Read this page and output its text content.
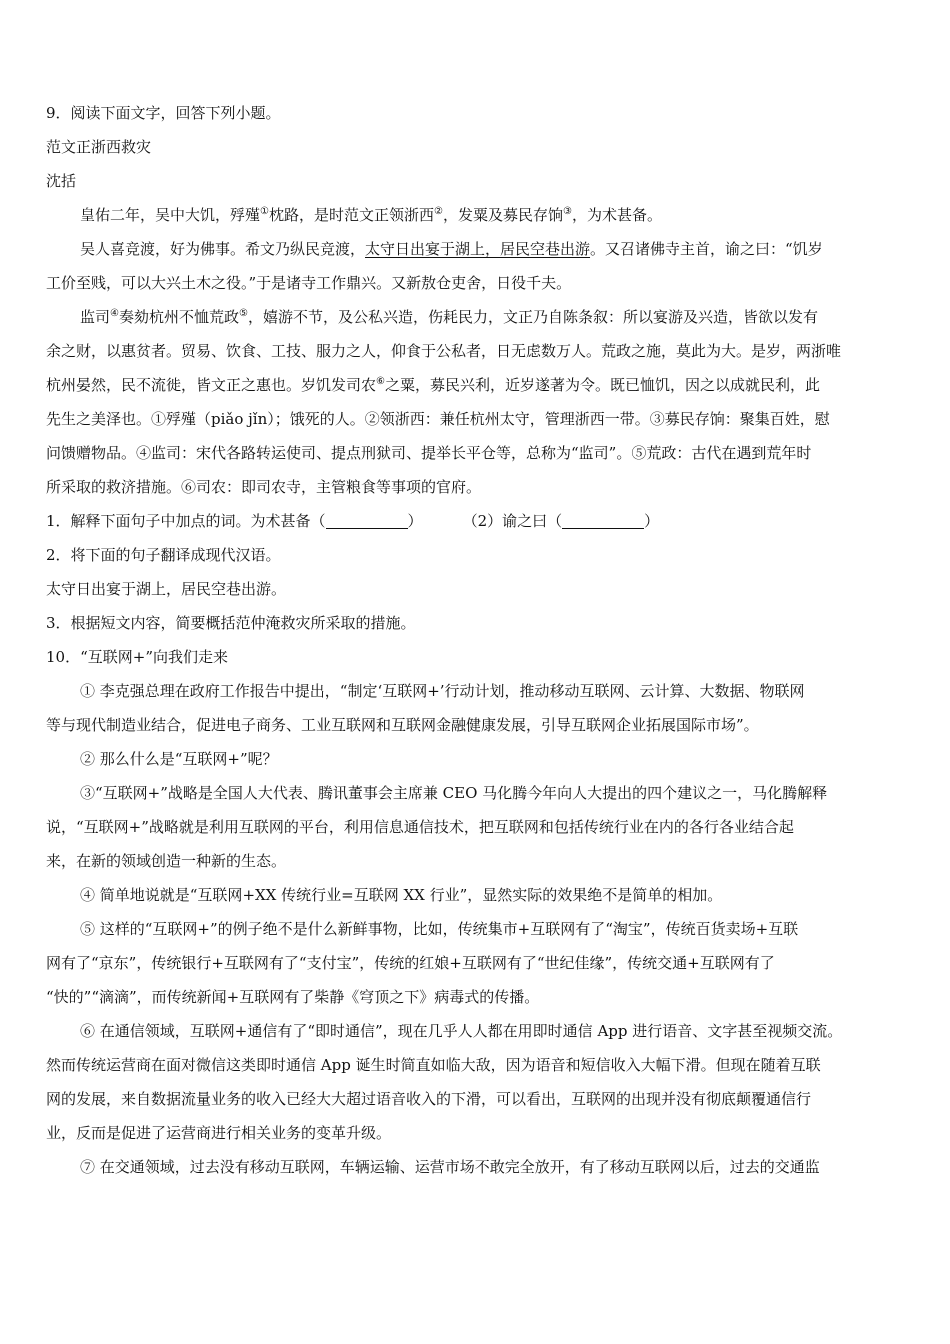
9．阅读下面文字，回答下列小题。
范文正浙西救灾
沈括
皇佑二年，吴中大饥，殍殣①枕路，是时范文正领浙西②，发粟及募民存饷③，为术甚备。
吴人喜竞渡，好为佛事。希文乃纵民竞渡，太守日出宴于湖上，居民空巷出游。又召诸佛寺主首，谕之曰：“饥岁
工价至贱，可以大兴土木之役。”于是诸寺工作鼎兴。又新敖仓吏舍，日役千夫。
监司④奏劾杭州不恤荒政⑤，嬉游不节，及公私兴造，伤耗民力，文正乃自陈条叙：所以宴游及兴造，皆欲以发有
余之财，以惠贫者。贸易、饮食、工技、服力之人，仰食于公私者，日无虑数万人。荒政之施，莫此为大。是岁，两浙唯
杭州晏然，民不流徙，皆文正之惠也。岁饥发司农⑥之粟，募民兴利，近岁遂著为令。既已恤饥，因之以成就民利，此
先生之美泽也。①殍殣（piǎo jǐn）；饿死的人。②领浙西：兼任杭州太守，管理浙西一带。③募民存饷：聚集百姓，慰
问馈赠物品。④监司：宋代各路转运使司、提点刑狱司、提举长平仓等，总称为“监司”。⑤荒政：古代在遇到荒年时
所采取的救济措施。⑥司农：即司农寺，主管粮食等事项的官府。
1．解释下面句子中加点的词。为术甚备（	）	（2）谕之曰（	）
2．将下面的句子翻译成现代汉语。
太守日出宴于湖上，居民空巷出游。
3．根据短文内容，简要概括范仲淹救灾所采取的措施。
10．“互联网+”向我们走来
① 李克强总理在政府工作报告中提出，“制定‘互联网+’行动计划，推动移动互联网、云计算、大数据、物联网
等与现代制造业结合，促进电子商务、工业互联网和互联网金融健康发展，引导互联网企业拓展国际市场”。
② 那么什么是“互联网+”呢？
③“互联网+”战略是全国人大代表、腾讯董事会主席兼 CEO 马化腾今年向人大提出的四个建议之一，马化腾解释
说，“互联网+”战略就是利用互联网的平台，利用信息通信技术，把互联网和包括传统行业在内的各行各业结合起
来，在新的领域创造一种新的生态。
④ 简单地说就是“互联网+XX 传统行业=互联网 XX 行业”，显然实际的效果绝不是简单的相加。
⑤ 这样的“互联网+”的例子绝不是什么新鲜事物，比如，传统集市+互联网有了“淘宝”，传统百货卖场+互联
网有了“京东”，传统银行+互联网有了“支付宝”，传统的红娘+互联网有了“世纪佳缘”，传统交通+互联网有了
“快的”“滴滴”，而传统新闻+互联网有了柴静《穹顶之下》病毒式的传播。
⑥ 在通信领域，互联网+通信有了“即时通信”，现在几乎人人都在用即时通信 App 进行语音、文字甚至视频交流。
然而传统运营商在面对微信这类即时通信 App 诞生时简直如临大敌，因为语音和短信收入大幅下滑。但现在随着互联
网的发展，来自数据流量业务的收入已经大大超过语音收入的下滑，可以看出，互联网的出现并没有彻底颠覆通信行
业，反而是促进了运营商进行相关业务的变革升级。
⑦ 在交通领域，过去没有移动互联网，车辆运输、运营市场不敢完全放开，有了移动互联网以后，过去的交通监
